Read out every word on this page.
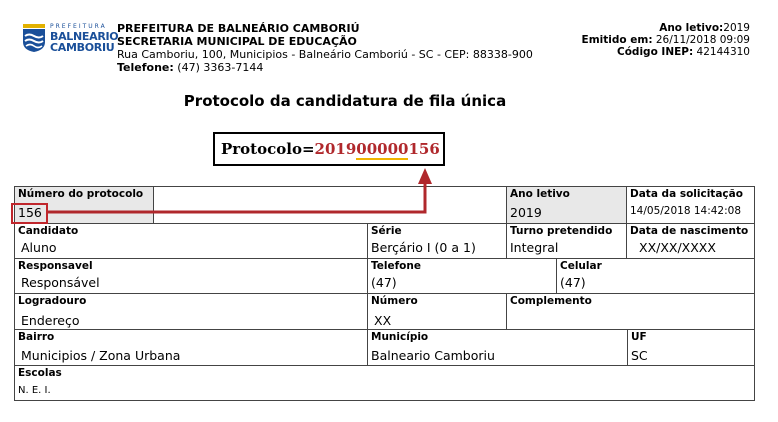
PREFEITURA
BALNEARIO
CAMBORIU
PREFEITURA DE BALNEÁRIO CAMBORIÚ
SECRETARIA MUNICIPAL DE EDUCAÇÃO
Rua Camboriu, 100, Municipios - Balneário Camboriú - SC - CEP: 88338-900
Telefone: (47) 3363-7144
Ano letivo:2019
Emitido em: 26/11/2018 09:09
Código INEP: 42144310
Protocolo da candidatura de fila única
Protocolo=201900000156
Número do protocolo
156
Ano letivo
2019
Data da solicitação
14/05/2018 14:42:08
Candidato
Aluno
Série
Berçário I (0 a 1)
Turno pretendido
Integral
Data de nascimento
XX/XX/XXXX
Responsavel
Responsável
Telefone
(47)
Celular
(47)
Logradouro
Endereço
Número
XX
Complemento
Bairro
Municipios / Zona Urbana
Município
Balneario Camboriu
UF
SC
Escolas
N. E. I.
